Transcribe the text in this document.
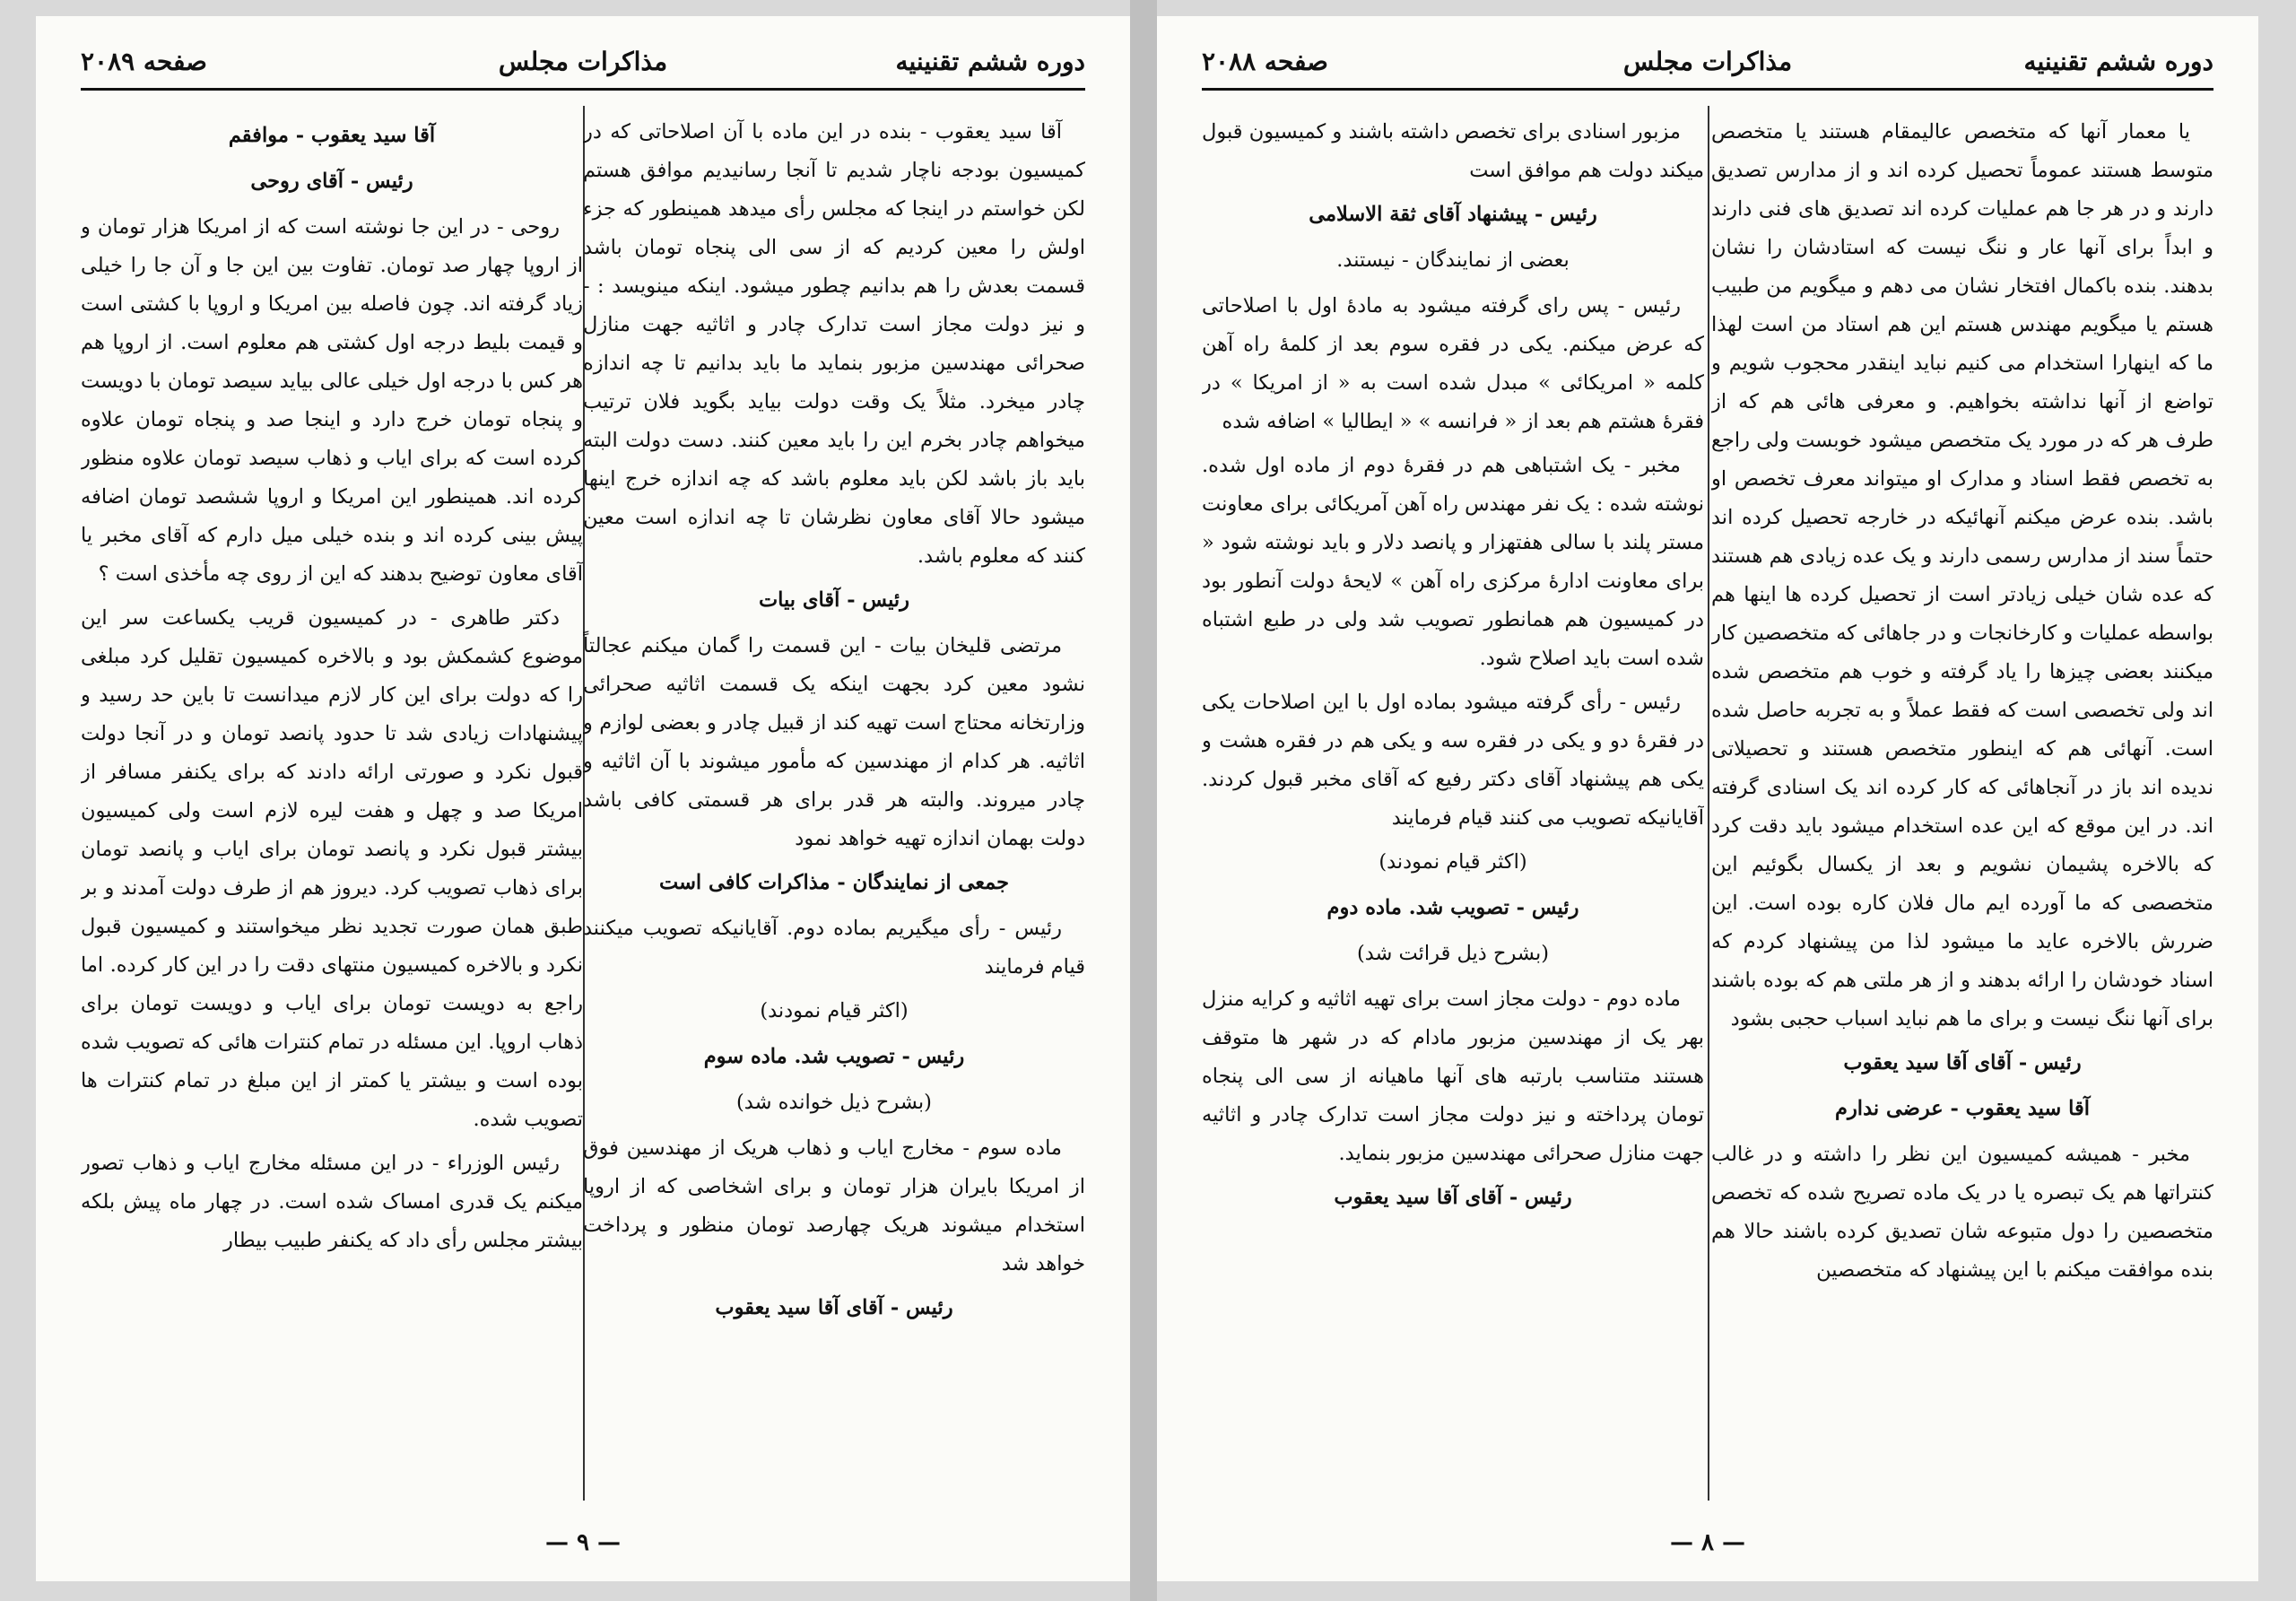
صفحه ۲۰۸۹	مذاکرات مجلس	دوره ششم تقنینیه

آقا سید یعقوب - بنده در این ماده با آن اصلاحاتی که در کمیسیون بودجه ناچار شدیم تا آنجا رسانیدیم موافق هستم لکن خواستم در اینجا که مجلس رأی میدهد همینطور که جزء اولش را معین کردیم که از سی الی پنجاه تومان باشد قسمت بعدش را هم بدانیم چطور میشود. اینکه مینویسد : - و نیز دولت مجاز است تدارک چادر و اثاثیه جهت منازل صحرائی مهندسین مزبور بنماید ما باید بدانیم تا چه اندازه چادر میخرد. مثلاً یک وقت دولت بیاید بگوید فلان ترتیب میخواهم چادر بخرم این را باید معین کنند. دست دولت البته باید باز باشد لکن باید معلوم باشد که چه اندازه خرج اینها میشود حالا آقای معاون نظرشان تا چه اندازه است معین کنند که معلوم باشد.

رئیس - آقای بیات

مرتضی قلیخان بیات - این قسمت را گمان میکنم عجالتاً نشود معین کرد بجهت اینکه یک قسمت اثاثیه صحرائی وزارتخانه محتاج است تهیه کند از قبیل چادر و بعضی لوازم و اثاثیه. هر کدام از مهندسین که مأمور میشوند با آن اثاثیه و چادر میروند. والبته هر قدر برای هر قسمتی کافی باشد دولت بهمان اندازه تهیه خواهد نمود

جمعی از نمایندگان - مذاکرات کافی است

رئیس - رأی میگیریم بماده دوم. آقایانیکه تصویب میکنند قیام فرمایند

(اکثر قیام نمودند)

رئیس - تصویب شد. ماده سوم

(بشرح ذیل خوانده شد)

ماده سوم - مخارج ایاب و ذهاب هریک از مهندسین فوق از امریکا بایران هزار تومان و برای اشخاصی که از اروپا استخدام میشوند هریک چهارصد تومان منظور و پرداخت خواهد شد

رئیس - آقای آقا سید یعقوب

آقا سید یعقوب - موافقم

رئیس - آقای روحی

روحی - در این جا نوشته است که از امریکا هزار تومان و از اروپا چهار صد تومان. تفاوت بین این جا و آن جا را خیلی زیاد گرفته اند. چون فاصله بین امریکا و اروپا با کشتی است و قیمت بلیط درجه اول کشتی هم معلوم است. از اروپا هم هر کس با درجه اول خیلی عالی بیاید سیصد تومان با دویست و پنجاه تومان خرج دارد و اینجا صد و پنجاه تومان علاوه کرده است که برای ایاب و ذهاب سیصد تومان علاوه منظور کرده اند. همینطور این امریکا و اروپا ششصد تومان اضافه پیش بینی کرده اند و بنده خیلی میل دارم که آقای مخبر یا آقای معاون توضیح بدهند که این از روی چه مأخذی است ؟

دکتر طاهری - در کمیسیون قریب یکساعت سر این موضوع کشمکش بود و بالاخره کمیسیون تقلیل کرد مبلغی را که دولت برای این کار لازم میدانست تا باین حد رسید و پیشنهادات زیادی شد تا حدود پانصد تومان و در آنجا دولت قبول نکرد و صورتی ارائه دادند که برای یکنفر مسافر از امریکا صد و چهل و هفت لیره لازم است ولی کمیسیون بیشتر قبول نکرد و پانصد تومان برای ایاب و پانصد تومان برای ذهاب تصویب کرد. دیروز هم از طرف دولت آمدند و بر طبق همان صورت تجدید نظر میخواستند و کمیسیون قبول نکرد و بالاخره کمیسیون منتهای دقت را در این کار کرده. اما راجع به دویست تومان برای ایاب و دویست تومان برای ذهاب اروپا. این مسئله در تمام کنترات هائی که تصویب شده بوده است و بیشتر یا کمتر از این مبلغ در تمام کنترات ها تصویب شده.

رئیس الوزراء - در این مسئله مخارج ایاب و ذهاب تصور میکنم یک قدری امساک شده است. در چهار ماه پیش بلکه بیشتر مجلس رأی داد که یکنفر طبیب بیطار

— ۹ —
صفحه ۲۰۸۸	مذاکرات مجلس	دوره ششم تقنینیه

یا معمار آنها که متخصص عالیمقام هستند یا متخصص متوسط هستند عموماً تحصیل کرده اند و از مدارس تصدیق دارند و در هر جا هم عملیات کرده اند تصدیق های فنی دارند و ابداً برای آنها عار و ننگ نیست که استادشان را نشان بدهند. بنده باکمال افتخار نشان می دهم و میگویم من طبیب هستم یا میگویم مهندس هستم این هم استاد من است لهذا ما که اینهارا استخدام می کنیم نباید اینقدر محجوب شویم و تواضع از آنها نداشته بخواهیم. و معرفی هائی هم که از طرف هر که در مورد یک متخصص میشود خوبست ولی راجع به تخصص فقط اسناد و مدارک او میتواند معرف تخصص او باشد. بنده عرض میکنم آنهائیکه در خارجه تحصیل کرده اند حتماً سند از مدارس رسمی دارند و یک عده زیادی هم هستند که عده شان خیلی زیادتر است از تحصیل کرده ها اینها هم بواسطه عملیات و کارخانجات و در جاهائی که متخصصین کار میکنند بعضی چیزها را یاد گرفته و خوب هم متخصص شده اند ولی تخصصی است که فقط عملاً و به تجربه حاصل شده است. آنهائی هم که اینطور متخصص هستند و تحصیلاتی ندیده اند باز در آنجاهائی که کار کرده اند یک اسنادی گرفته اند. در این موقع که این عده استخدام میشود باید دقت کرد که بالاخره پشیمان نشویم و بعد از یکسال بگوئیم این متخصصی که ما آورده ایم مال فلان کاره بوده است. این ضررش بالاخره عاید ما میشود لذا من پیشنهاد کردم که اسناد خودشان را ارائه بدهند و از هر ملتی هم که بوده باشند برای آنها ننگ نیست و برای ما هم نباید اسباب حجبی بشود

رئیس - آقای آقا سید یعقوب

آقا سید یعقوب - عرضی ندارم

مخبر - همیشه کمیسیون این نظر را داشته و در غالب کنتراتها هم یک تبصره یا در یک ماده تصریح شده که تخصص متخصصین را دول متبوعه شان تصدیق کرده باشند حالا هم بنده موافقت میکنم با این پیشنهاد که متخصصین

مزبور اسنادی برای تخصص داشته باشند و کمیسیون قبول میکند دولت هم موافق است

رئیس - پیشنهاد آقای ثقة الاسلامی

بعضی از نمایندگان - نیستند.

رئیس - پس رای گرفته میشود به مادۀ اول با اصلاحاتی که عرض میکنم. یکی در فقره سوم بعد از کلمۀ راه آهن کلمه « امریکائی » مبدل شده است به « از امریکا » در فقرۀ هشتم هم بعد از « فرانسه » « ایطالیا » اضافه شده

مخبر - یک اشتباهی هم در فقرۀ دوم از ماده اول شده. نوشته شده : یک نفر مهندس راه آهن آمریکائی برای معاونت مستر پلند با سالی هفتهزار و پانصد دلار و باید نوشته شود « برای معاونت ادارۀ مرکزی راه آهن » لایحۀ دولت آنطور بود در کمیسیون هم همانطور تصویب شد ولی در طبع اشتباه شده است باید اصلاح شود.

رئیس - رأی گرفته میشود بماده اول با این اصلاحات یکی در فقرۀ دو و یکی در فقره سه و یکی هم در فقره هشت و یکی هم پیشنهاد آقای دکتر رفیع که آقای مخبر قبول کردند. آقایانیکه تصویب می کنند قیام فرمایند

(اکثر قیام نمودند)

رئیس - تصویب شد. ماده دوم

(بشرح ذیل قرائت شد)

ماده دوم - دولت مجاز است برای تهیه اثاثیه و کرایه منزل بهر یک از مهندسین مزبور مادام که در شهر ها متوقف هستند متناسب بارتبه های آنها ماهیانه از سی الی پنجاه تومان پرداخته و نیز دولت مجاز است تدارک چادر و اثاثیه جهت منازل صحرائی مهندسین مزبور بنماید.

رئیس - آقای آقا سید یعقوب

— ۸ —
